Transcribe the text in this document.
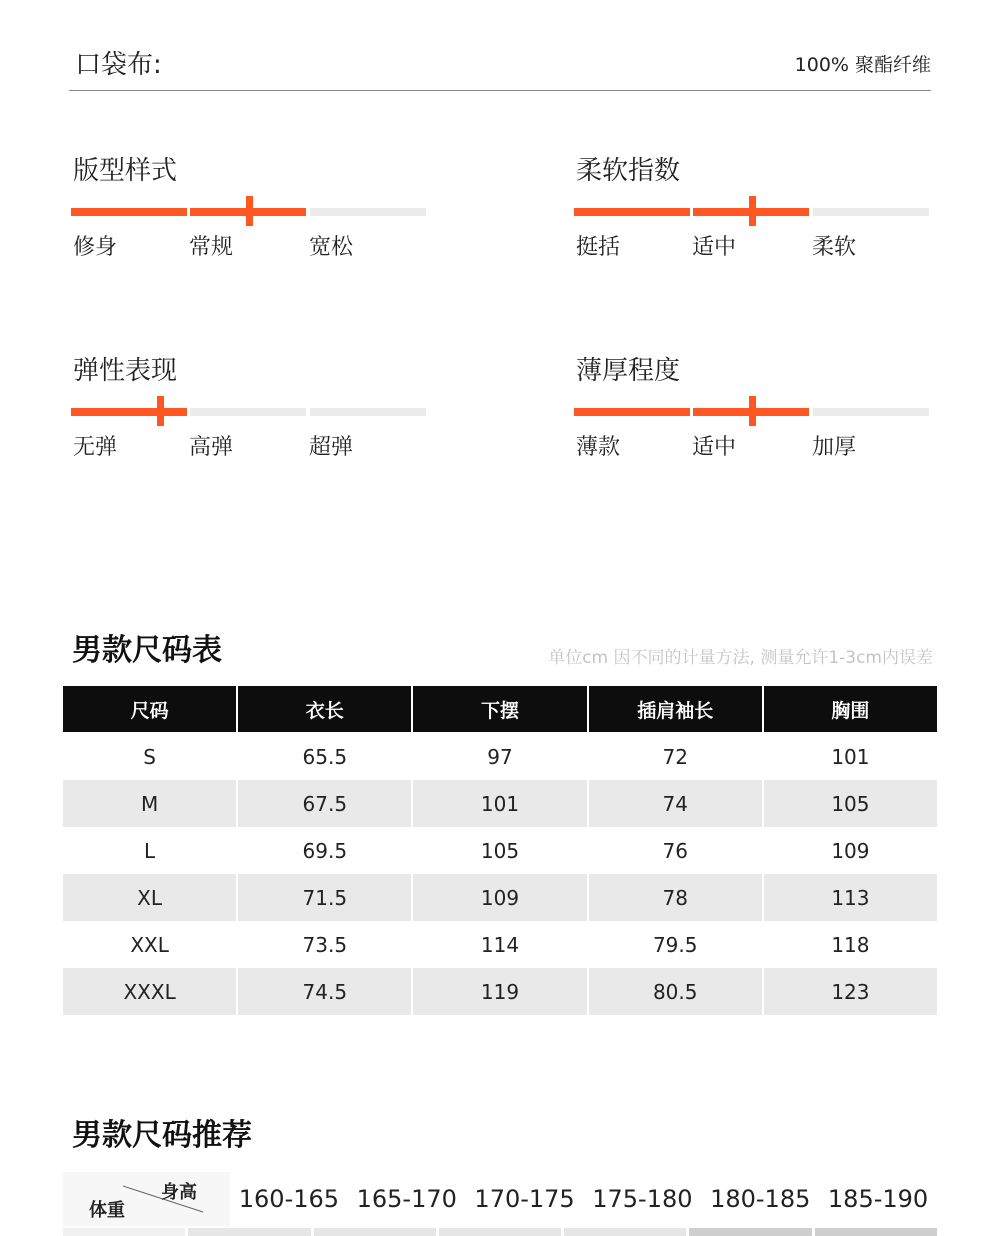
口袋布:	100% 聚酯纤维
版型样式
修身	常规	宽松
柔软指数
挺括	适中	柔软
弹性表现
无弹	高弹	超弹
薄厚程度
薄款	适中	加厚
男款尺码表	单位cm 因不同的计量方法, 测量允许1-3cm内误差
尺码	衣长	下摆	插肩袖长	胸围
S	65.5	97	72	101
M	67.5	101	74	105
L	69.5	105	76	109
XL	71.5	109	78	113
XXL	73.5	114	79.5	118
XXXL	74.5	119	80.5	123
男款尺码推荐
身高
体重	160-165 165-170 170-175 175-180 180-185 185-190
